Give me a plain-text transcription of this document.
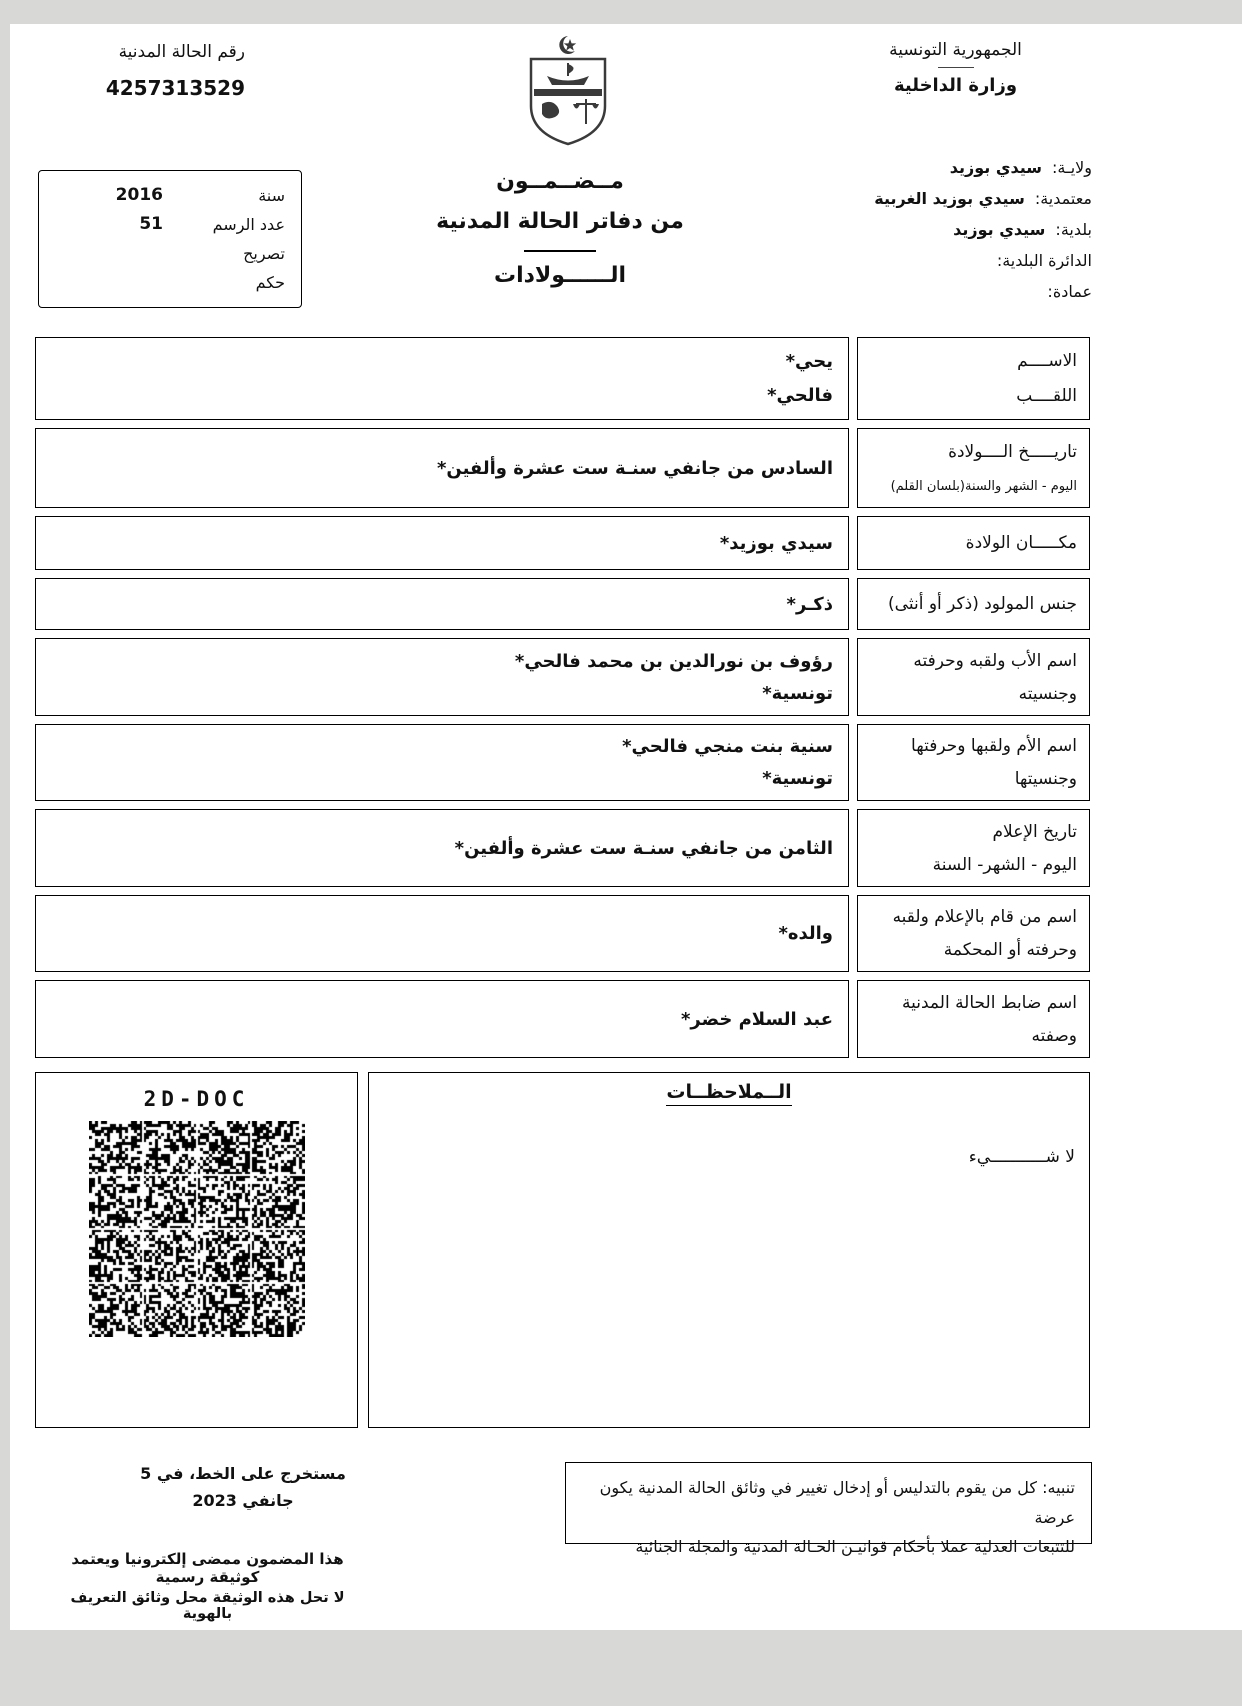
رقم الحالة المدنية
4257313529
الجمهورية التونسية
وزارة الداخلية
ولايـة:
سيدي بوزيد
معتمدية:
سيدي بوزيد الغربية
بلدية:
سيدي بوزيد
الدائرة البلدية:
عمادة:
مــضــمــون
من دفاتر الحالة المدنية
الــــــولادات
سنة
2016
عدد الرسم
51
تصريح
حكم
الاســــم
اللقــــب
يحي*
فالحي*
تاريـــــخ الــــولادة
اليوم - الشهر والسنة(بلسان القلم)
السادس من جانفي سنـة ست عشرة وألفين*
مكـــــان الولادة
سيدي بوزيد*
جنس المولود (ذكر أو أنثى)
ذكـر*
اسم الأب ولقبه وحرفته
وجنسيته
رؤوف بن نورالدين بن محمد فالحي*
تونسية*
اسم الأم ولقبها وحرفتها
وجنسيتها
سنية بنت منجي فالحي*
تونسية*
تاريخ الإعلام
اليوم - الشهر- السنة
الثامن من جانفي سنـة ست عشرة وألفين*
اسم من قام بالإعلام ولقبه
وحرفته أو المحكمة
والده*
اسم ضابط الحالة المدنية
وصفته
عبد السلام خضر*
2D-DOC	الــملاحظــات
لا شـــــــــــيء
تنبيه: كل من يقوم بالتدليس أو إدخال تغيير في وثائق الحالة المدنية يكون عرضة
للتتبعات العدلية عملا بأحكام قوانيـن الحـالة المدنية والمجلة الجنائية
مستخرج على الخط، في 5 جانفي 2023
هذا المضمون ممضى إلكترونيا ويعتمد كوثيقة رسمية
لا تحل هذه الوثيقة محل وثائق التعريف بالهوية
